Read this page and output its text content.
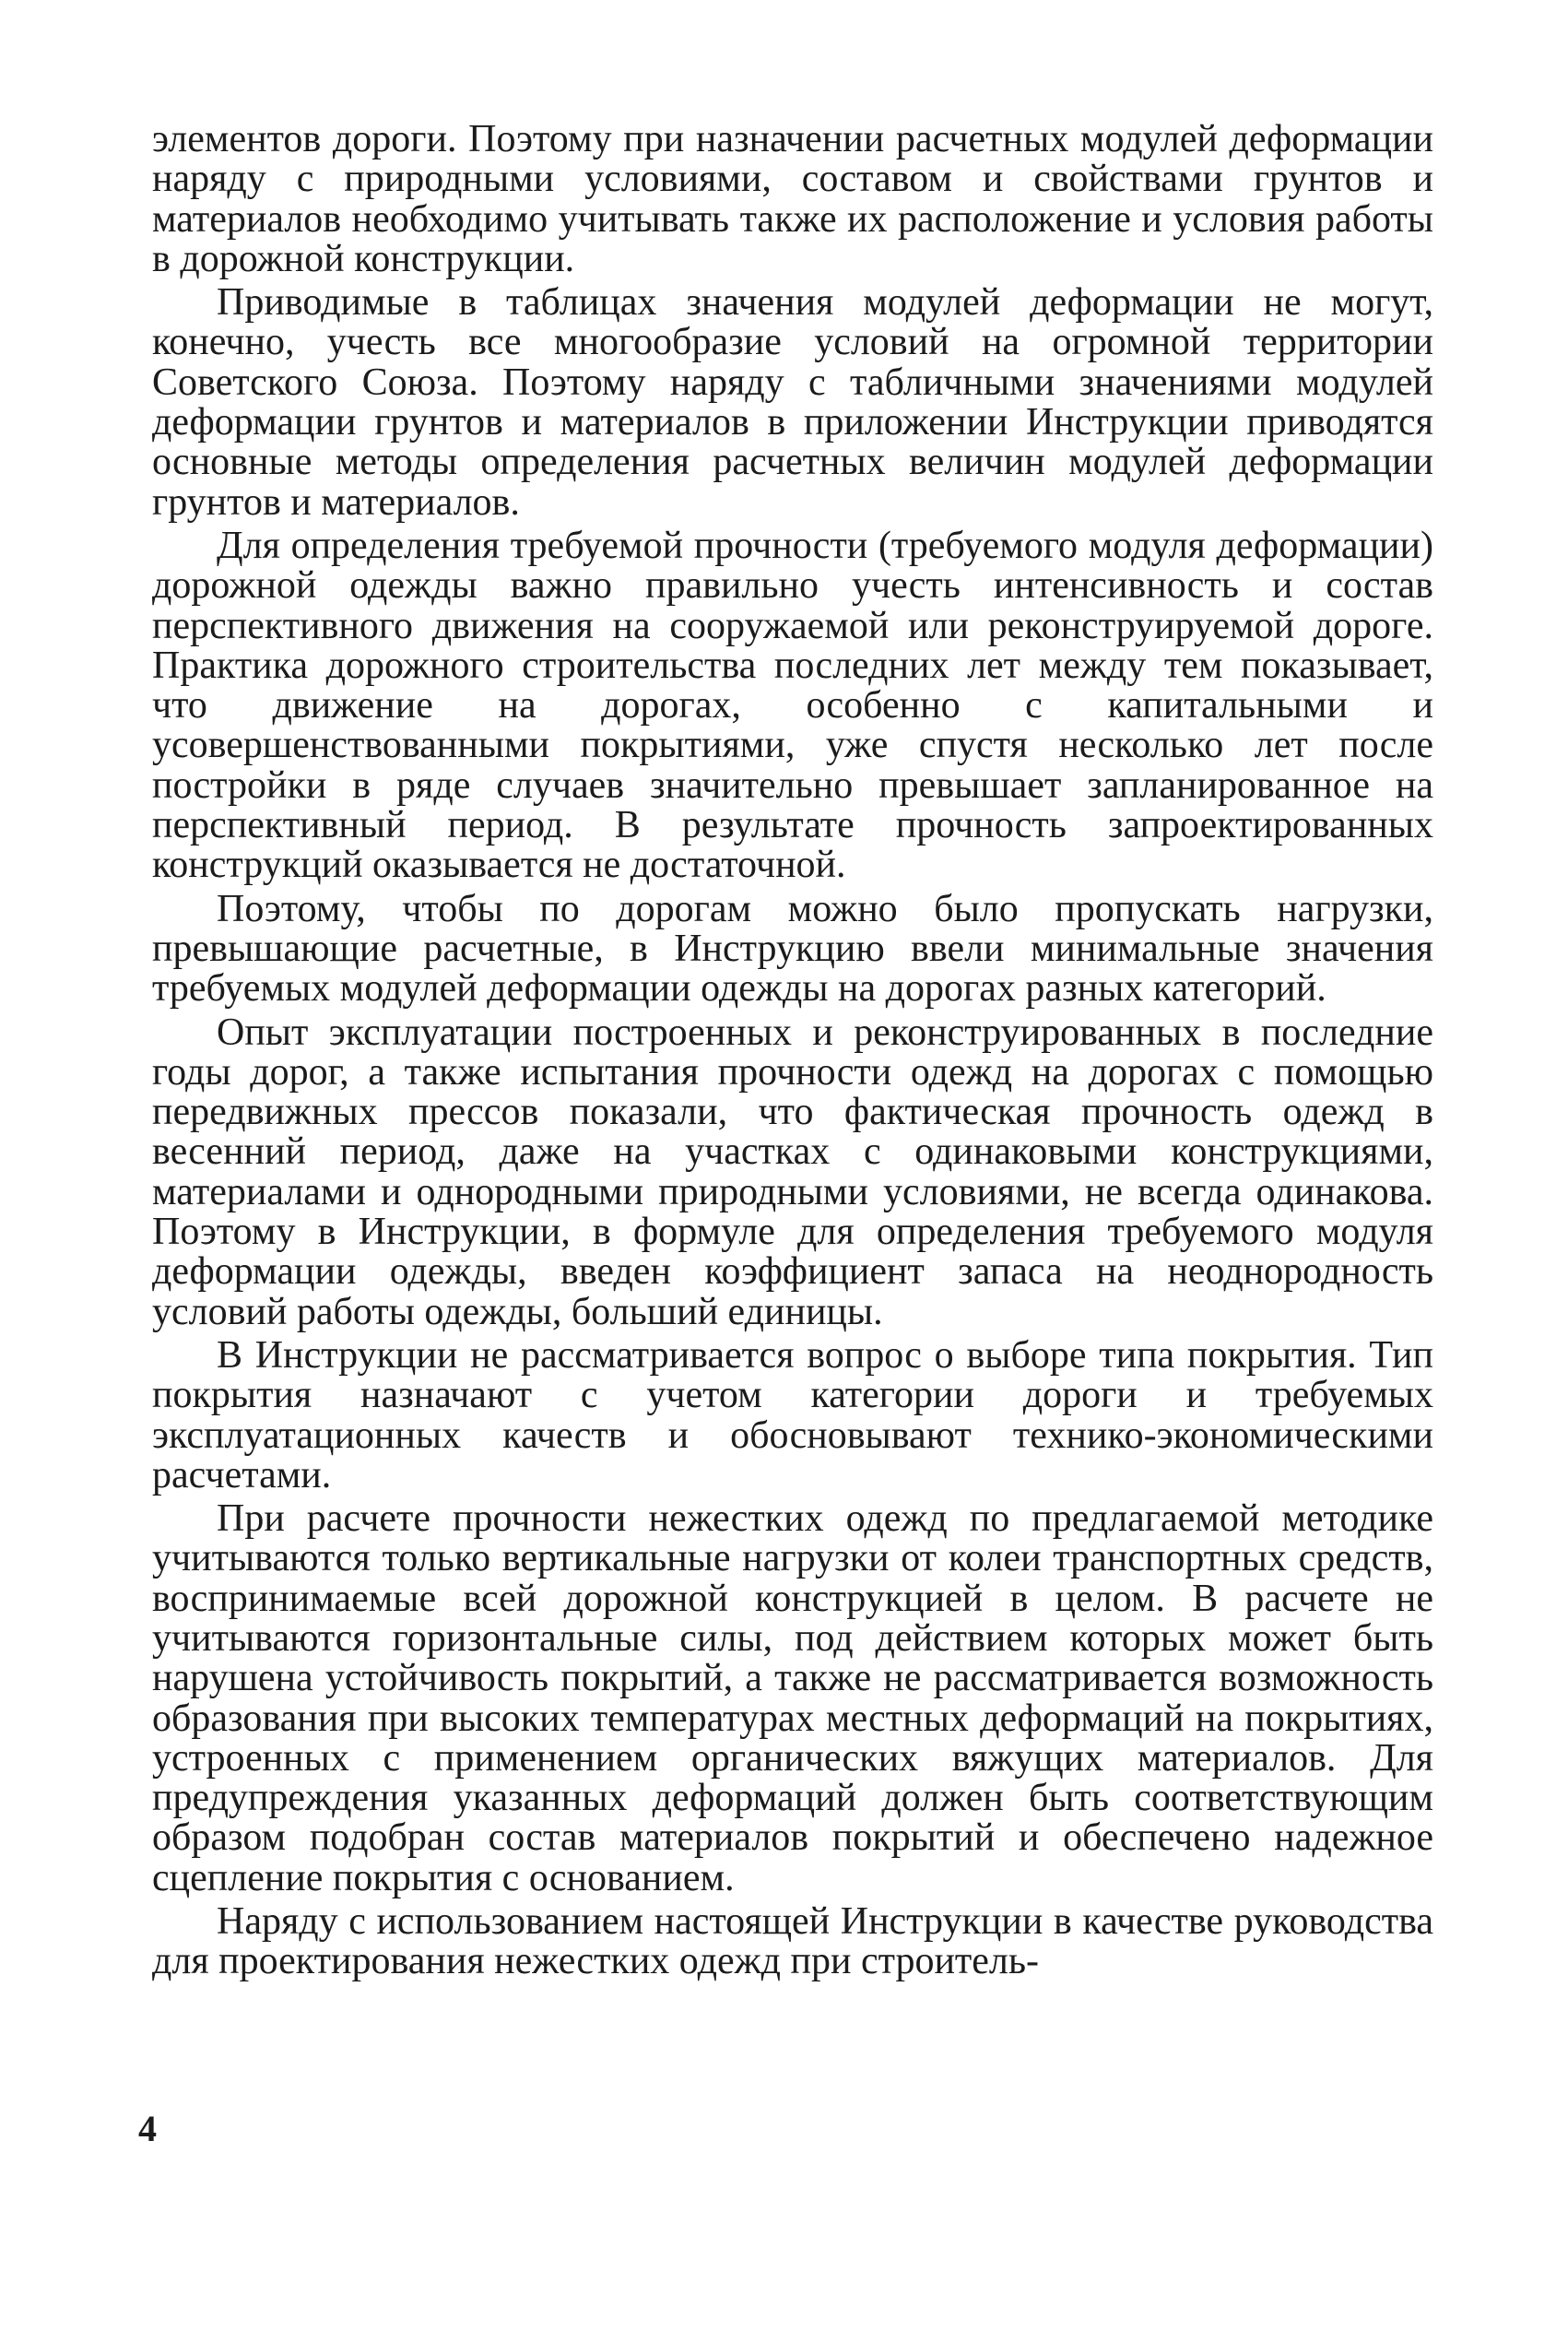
элементов дороги. Поэтому при назначении расчетных модулей деформации наряду с природными условиями, составом и свойствами грунтов и материалов необходимо учитывать также их расположение и условия работы в дорожной конструкции.

Приводимые в таблицах значения модулей деформации не могут, конечно, учесть все многообразие условий на огромной территории Советского Союза. Поэтому наряду с табличными значениями модулей деформации грунтов и материалов в приложении Инструкции приводятся основные методы определения расчетных величин модулей деформации грунтов и материалов.

Для определения требуемой прочности (требуемого модуля деформации) дорожной одежды важно правильно учесть интенсивность и состав перспективного движения на сооружаемой или реконструируемой дороге. Практика дорожного строительства последних лет между тем показывает, что движение на дорогах, особенно с капитальными и усовершенствованными покрытиями, уже спустя несколько лет после постройки в ряде случаев значительно превышает запланированное на перспективный период. В результате прочность запроектированных конструкций оказывается не достаточной.

Поэтому, чтобы по дорогам можно было пропускать нагрузки, превышающие расчетные, в Инструкцию ввели минимальные значения требуемых модулей деформации одежды на дорогах разных категорий.

Опыт эксплуатации построенных и реконструированных в последние годы дорог, а также испытания прочности одежд на дорогах с помощью передвижных прессов показали, что фактическая прочность одежд в весенний период, даже на участках с одинаковыми конструкциями, материалами и однородными природными условиями, не всегда одинакова. Поэтому в Инструкции, в формуле для определения требуемого модуля деформации одежды, введен коэффициент запаса на неоднородность условий работы одежды, больший единицы.

В Инструкции не рассматривается вопрос о выборе типа покрытия. Тип покрытия назначают с учетом категории дороги и требуемых эксплуатационных качеств и обосновывают технико-экономическими расчетами.

При расчете прочности нежестких одежд по предлагаемой методике учитываются только вертикальные нагрузки от колеи транспортных средств, воспринимаемые всей дорожной конструкцией в целом. В расчете не учитываются горизонтальные силы, под действием которых может быть нарушена устойчивость покрытий, а также не рассматривается возможность образования при высоких температурах местных деформаций на покрытиях, устроенных с применением органических вяжущих материалов. Для предупреждения указанных деформаций должен быть соответствующим образом подобран состав материалов покрытий и обеспечено надежное сцепление покрытия с основанием.

Наряду с использованием настоящей Инструкции в качестве руководства для проектирования нежестких одежд при строитель-

4
